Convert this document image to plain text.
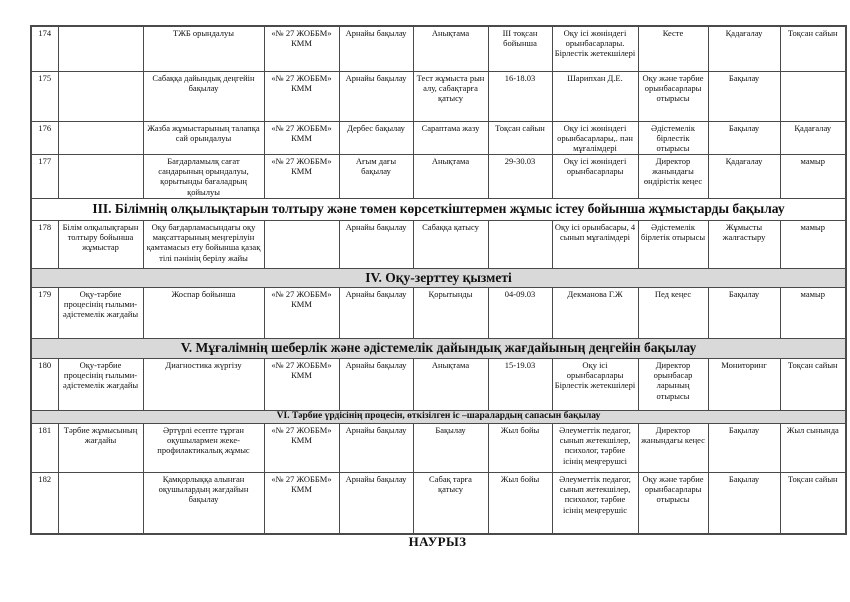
174		ТЖБ орындалуы	«№ 27 ЖОББМ» КММ	Арнайы бақылау	Анықтама	III тоқсан бойынша	Оқу ісі жөніндегі орынбасарлары. Бірлестік жетекшілері	Кесте	Қадағалау	Тоқсан сайын
175		Сабаққа дайындық деңгейін бақылау	«№ 27 ЖОББМ» КММ	Арнайы бақылау	Тест жұмыста рын алу, сабақтарға қатысу	16-18.03	Шарипхан Д.Е.	Оқу және тәрбие орынбасарлары отырысы	Бақылау	
176		Жазба жұмыстарының талапқа сай орындалуы	«№ 27 ЖОББМ» КММ	Дербес бақылау	Сараптама жазу	Тоқсан сайын	Оқу ісі жөніндегі орынбасарлары,. пән мұғалімдері	Әдістемелік бірлестік отырысы	Бақылау	Қадағалау
177		Бағдарламылқ сағат сандарының орындалуы, қорытынды бағаладрың қойылуы	«№ 27 ЖОББМ» КММ	Ағым дағы бақылау	Анықтама	29-30.03	Оқу ісі жөніндегі орынбасарлары	Директор жанындағы өндірістік кеңес	Қадағалау	мамыр
III. Білімнің олқылықтарын толтыру және төмен көрсеткіштермен жұмыс істеу бойынша жұмыстарды бақылау										
178	Білім олқылықтарын толтыру бойынша жұмыстар	Оқу бағдарламасындағы оқу мақсаттарының меңгерілуін қамтамасыз ету бойынша қазақ тілі пәнінің берілу жайы		Арнайы бақылау	Сабаққа қатысу		Оқу ісі орынбасары, 4 сынып мұғалімдері	Әдістемелік бірлетік отырысы	Жұмысты жалғастыру	мамыр
IV. Оқу-зерттеу қызметі										
179	Оқу-тәрбие процесінің ғылыми-әдістемелік жағдайы	Жоспар бойынша	«№ 27 ЖОББМ» КММ	Арнайы бақылау	Қорытынды	04-09.03	Декманова Г.Ж	Пед кеңес	Бақылау	мамыр
V. Мұғалімнің шеберлік және әдістемелік дайындық жағдайының деңгейін бақылау										
180	Оқу-тәрбие процесінің ғылыми-әдістемелік жағдайы	Диагностика жүргізу	«№ 27 ЖОББМ» КММ	Арнайы бақылау	Анықтама	15-19.03	Оқу ісі орынбасарлары Бірлестік жетекшілері	Директор орынбасар ларының отырысы	Мониторинг	Тоқсан сайын
VI. Тәрбие үрдісінің процесін, өткізілген іс –шаралардың сапасын бақылау										
181	Тәрбие жұмысының жағдайы	Әртүрлі есепте тұрған оқушылармен жеке-профилактикалық жұмыс	«№ 27 ЖОББМ» КММ	Арнайы бақылау	Бақылау	Жыл бойы	Әлеуметтік педагог, сынып жетекшілер, психолог, тәрбие ісінің меңгерушсі	Директор жанындағы кеңес	Бақылау	Жыл сынында
182		Қамқорлыққа алынған оқушылардың жағдайын бақылау	«№ 27 ЖОББМ» КММ	Арнайы бақылау	Сабақ тарға қатысу	Жыл бойы	Әлеуметтік педагог, сынып жетекшілер, психолог, тәрбие ісінің меңгерушіс	Оқу және тәрбие орынбасарлары отырысы	Бақылау	Тоқсан сайын
НАУРЫЗ
